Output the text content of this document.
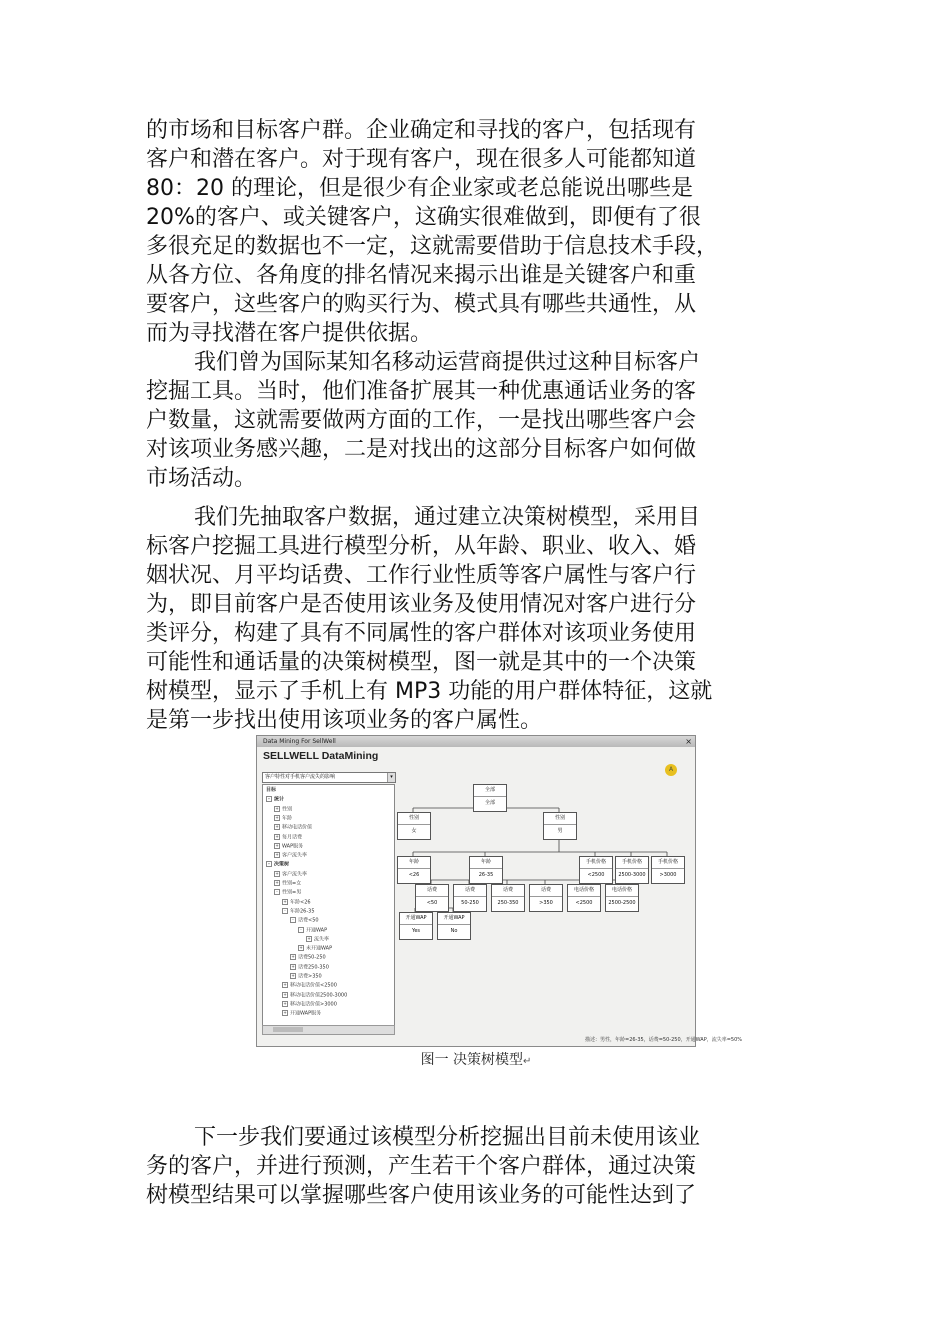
的市场和目标客户群。企业确定和寻找的客户，包括现有
客户和潜在客户。对于现有客户，现在很多人可能都知道
80：20 的理论，但是很少有企业家或老总能说出哪些是
20%的客户、或关键客户，这确实很难做到，即便有了很
多很充足的数据也不一定，这就需要借助于信息技术手段，
从各方位、各角度的排名情况来揭示出谁是关键客户和重
要客户，这些客户的购买行为、模式具有哪些共通性，从
而为寻找潜在客户提供依据。
我们曾为国际某知名移动运营商提供过这种目标客户
挖掘工具。当时，他们准备扩展其一种优惠通话业务的客
户数量，这就需要做两方面的工作，一是找出哪些客户会
对该项业务感兴趣，二是对找出的这部分目标客户如何做
市场活动。
我们先抽取客户数据，通过建立决策树模型，采用目
标客户挖掘工具进行模型分析，从年龄、职业、收入、婚
姻状况、月平均话费、工作行业性质等客户属性与客户行
为，即目前客户是否使用该业务及使用情况对客户进行分
类评分，构建了具有不同属性的客户群体对该项业务使用
可能性和通话量的决策树模型，图一就是其中的一个决策
树模型，显示了手机上有 MP3 功能的用户群体特征，这就
是第一步找出使用该项业务的客户属性。
Data Mining For SellWell	×
SELLWELL DataMining
A
客户特性对手机客户流失的影响	▾
目标
- 统计
+ 性别
+ 年龄
+ 移动电话价值
+ 每月话费
+ WAP服务
+ 客户流失率
- 决策树
+ 客户流失率
+ 性别=女
- 性别=男
+ 年龄<26
- 年龄26-35
- 话费<50
- 开通WAP
+ 流失率
+ 未开通WAP
+ 话费50-250
+ 话费250-350
+ 话费>350
+ 移动电话价值<2500
+ 移动电话价值2500-3000
+ 移动电话价值>3000
+ 开通WAP服务
描述：男性，年龄=26-35，话费=50-250，开通WAP，流失率=50%
全部
全部
性别
女
性别
男
年龄
<26
年龄
26-35
手机价格
<2500
手机价格
2500-3000
手机价格
>3000
话费
<50
话费
50-250
话费
250-350
话费
>350
电话价格
<2500
电话价格
2500-2500
开通WAP
Yes
开通WAP
No
图一 决策树模型↵
下一步我们要通过该模型分析挖掘出目前未使用该业
务的客户，并进行预测，产生若干个客户群体，通过决策
树模型结果可以掌握哪些客户使用该业务的可能性达到了
